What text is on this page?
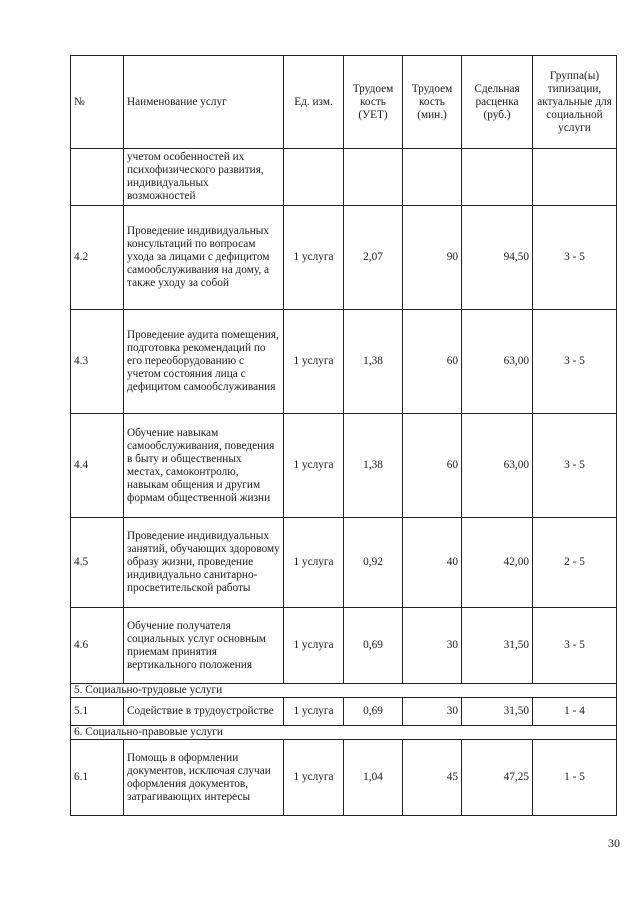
№	Наименование услуг	Ед. изм.	Трудоем кость (УЕТ)	Трудоем кость (мин.)	Сдельная расценка (руб.)	Группа(ы) типизации, актуальные для социальной услуги
	учетом особенностей их психофизического развития, индивидуальных возможностей					
4.2	Проведение индивидуальных консультаций по вопросам ухода за лицами с дефицитом самообслуживания на дому, а также уходу за собой	1 услуга	2,07	90	94,50	3 - 5
4.3	Проведение аудита помещения, подготовка рекомендаций по его переоборудованию с учетом состояния лица с дефицитом самообслуживания	1 услуга	1,38	60	63,00	3 - 5
4.4	Обучение навыкам самообслуживания, поведения в быту и общественных местах, самоконтролю, навыкам общения и другим формам общественной жизни	1 услуга	1,38	60	63,00	3 - 5
4.5	Проведение индивидуальных занятий, обучающих здоровому образу жизни, проведение индивидуально санитарно-просветительской работы	1 услуга	0,92	40	42,00	2 - 5
4.6	Обучение получателя социальных услуг основным приемам принятия вертикального положения	1 услуга	0,69	30	31,50	3 - 5
5. Социально-трудовые услуги						
5.1	Содействие в трудоустройстве	1 услуга	0,69	30	31,50	1 - 4
6. Социально-правовые услуги						
6.1	Помощь в оформлении документов, исключая случаи оформления документов, затрагивающих интересы	1 услуга	1,04	45	47,25	1 - 5
30
